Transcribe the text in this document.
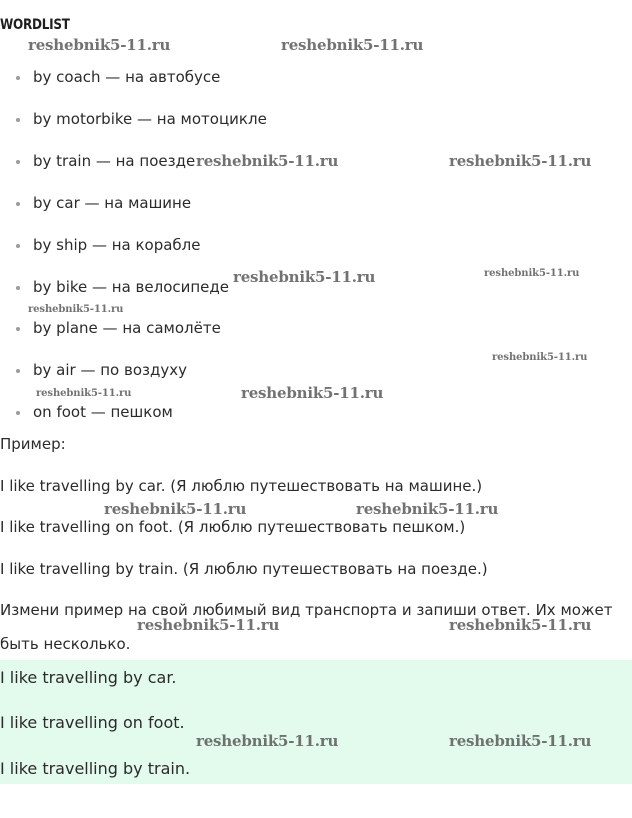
WORDLIST
by coach — на автобусе
by motorbike — на мотоцикле
by train — на поезде
by car — на машине
by ship — на корабле
by bike — на велосипеде
by plane — на самолёте
by air — по воздуху
on foot — пешком
Пример:
I like travelling by car. (Я люблю путешествовать на машине.)
I like travelling on foot. (Я люблю путешествовать пешком.)
I like travelling by train. (Я люблю путешествовать на поезде.)
Измени пример на свой любимый вид транспорта и запиши ответ. Их может
быть несколько.
I like travelling by car.
I like travelling on foot.
I like travelling by train.
reshebnik5-11.ru	reshebnik5-11.ru
reshebnik5-11.ru	reshebnik5-11.ru
reshebnik5-11.ru	reshebnik5-11.ru
reshebnik5-11.ru
reshebnik5-11.ru
reshebnik5-11.ru	reshebnik5-11.ru
reshebnik5-11.ru	reshebnik5-11.ru
reshebnik5-11.ru	reshebnik5-11.ru
reshebnik5-11.ru	reshebnik5-11.ru
